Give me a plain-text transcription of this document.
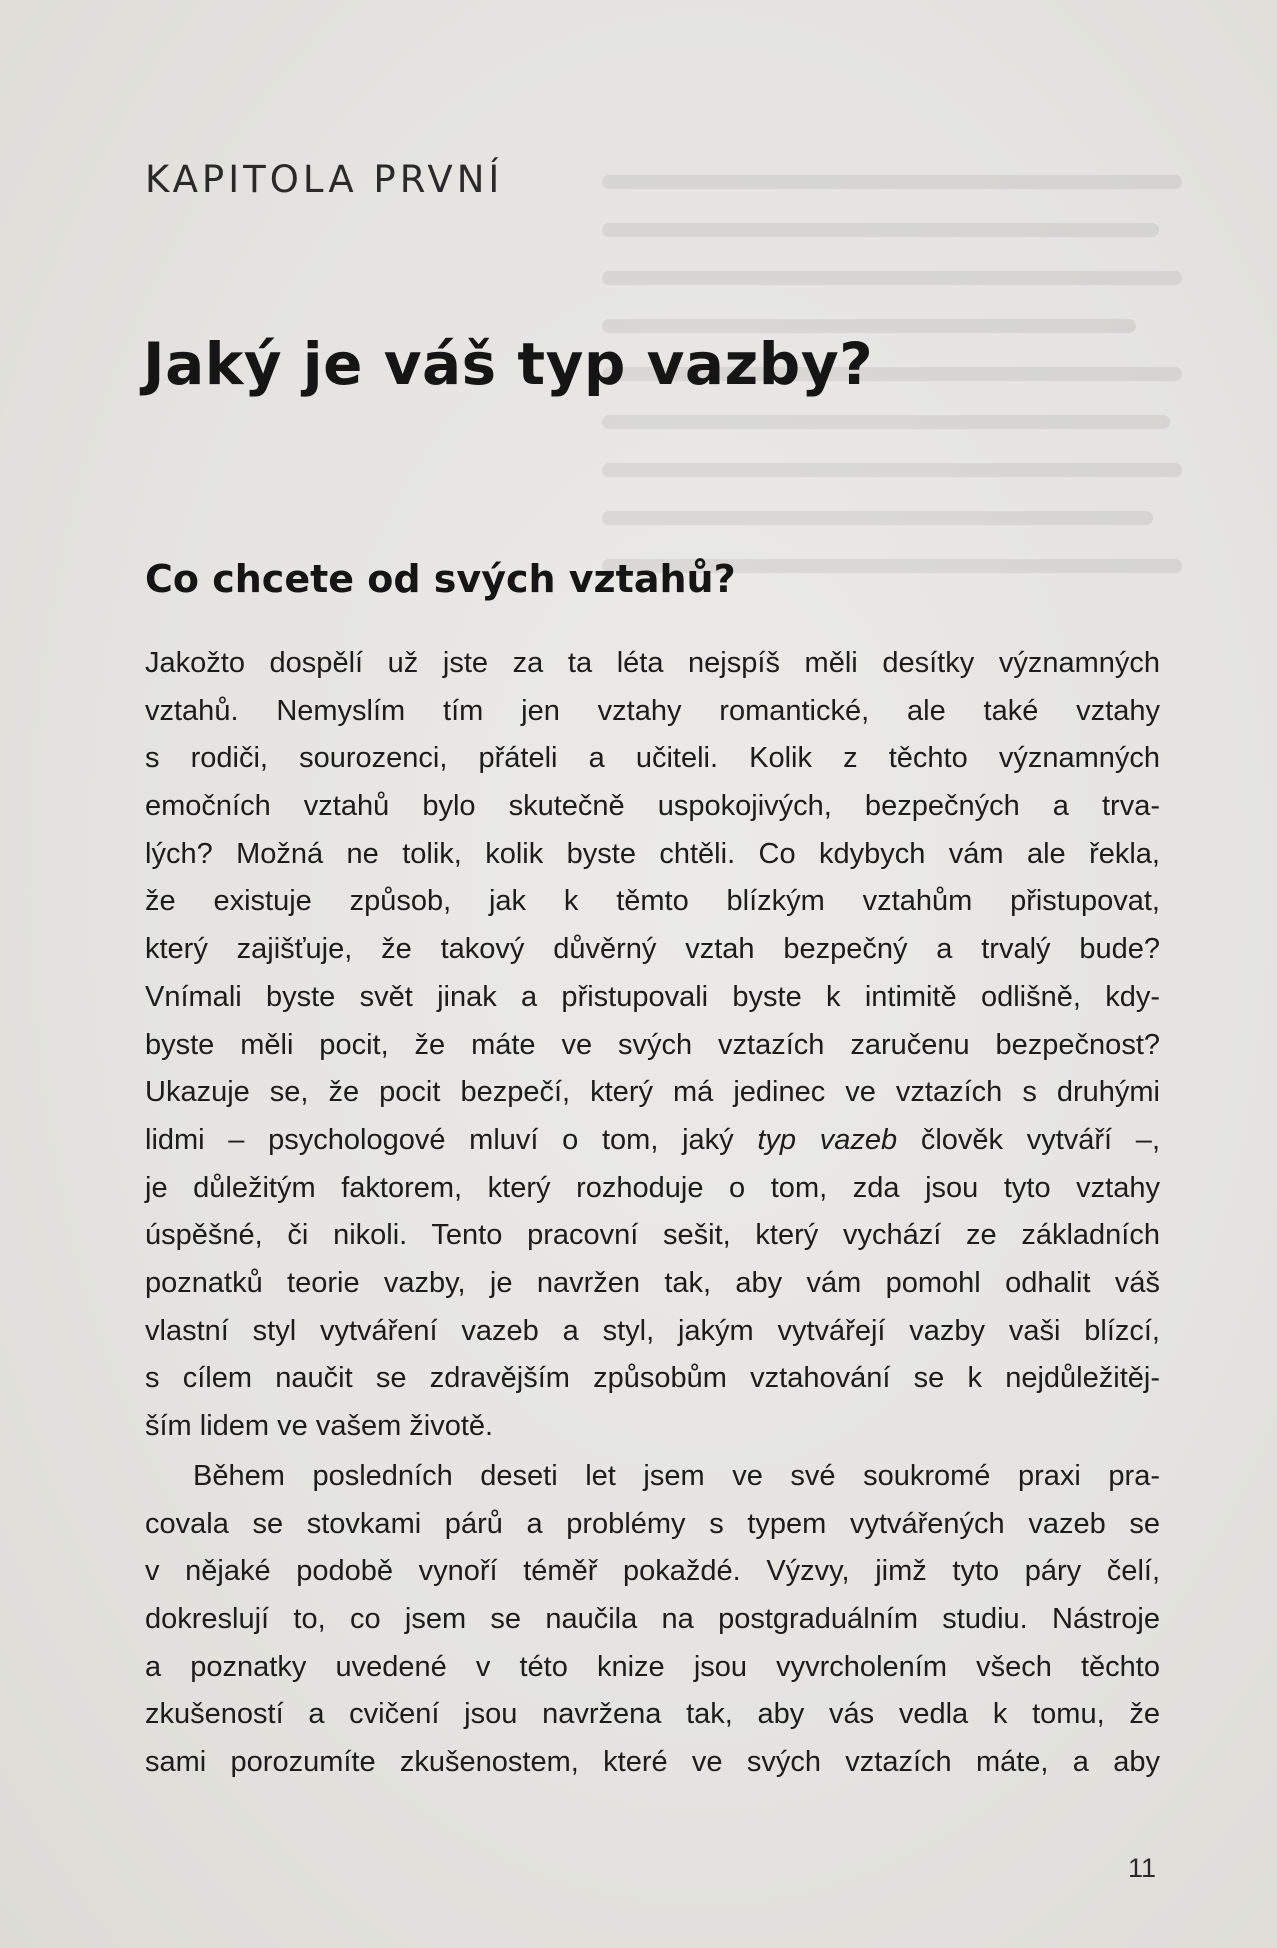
KAPITOLA PRVNÍ
Jaký je váš typ vazby?
Co chcete od svých vztahů?
Jakožto dospělí už jste za ta léta nejspíš měli desítky významných
vztahů. Nemyslím tím jen vztahy romantické, ale také vztahy
s rodiči, sourozenci, přáteli a učiteli. Kolik z těchto významných
emočních vztahů bylo skutečně uspokojivých, bezpečných a trva-
lých? Možná ne tolik, kolik byste chtěli. Co kdybych vám ale řekla,
že existuje způsob, jak k těmto blízkým vztahům přistupovat,
který zajišťuje, že takový důvěrný vztah bezpečný a trvalý bude?
Vnímali byste svět jinak a přistupovali byste k intimitě odlišně, kdy-
byste měli pocit, že máte ve svých vztazích zaručenu bezpečnost?
Ukazuje se, že pocit bezpečí, který má jedinec ve vztazích s druhými
lidmi – psychologové mluví o tom, jaký typ vazeb člověk vytváří –,
je důležitým faktorem, který rozhoduje o tom, zda jsou tyto vztahy
úspěšné, či nikoli. Tento pracovní sešit, který vychází ze základních
poznatků teorie vazby, je navržen tak, aby vám pomohl odhalit váš
vlastní styl vytváření vazeb a styl, jakým vytvářejí vazby vaši blízcí,
s cílem naučit se zdravějším způsobům vztahování se k nejdůležitěj-
ším lidem ve vašem životě.
Během posledních deseti let jsem ve své soukromé praxi pra-
covala se stovkami párů a problémy s typem vytvářených vazeb se
v nějaké podobě vynoří téměř pokaždé. Výzvy, jimž tyto páry čelí,
dokreslují to, co jsem se naučila na postgraduálním studiu. Nástroje
a poznatky uvedené v této knize jsou vyvrcholením všech těchto
zkušeností a cvičení jsou navržena tak, aby vás vedla k tomu, že
sami porozumíte zkušenostem, které ve svých vztazích máte, a aby
11
